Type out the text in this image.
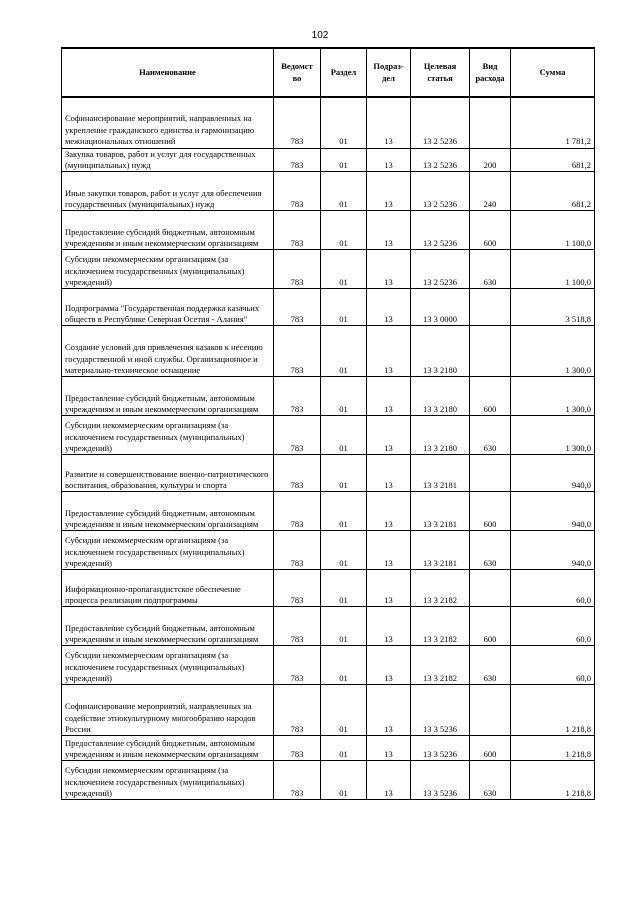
102
Наименование	Ведомст во	Раздел	Подраз- дел	Целевая статья	Вид расхода	Сумма
Софинансирование мероприятий, направленных на укрепление гражданского единства и гармонизацию межнациональных отношений	783	01	13	13 2 5236		1 781,2
Закупка товаров, работ и услуг для государственных (муниципальных) нужд	783	01	13	13 2 5236	200	681,2
Иные закупки товаров, работ и услуг для обеспечения государственных (муниципальных) нужд	783	01	13	13 2 5236	240	681,2
Предоставление субсидий бюджетным, автономным учреждениям и иным некоммерческим организациям	783	01	13	13 2 5236	600	1 100,0
Субсидии некоммерческим организациям (за исключением государственных (муниципальных) учреждений)	783	01	13	13 2 5236	630	1 100,0
Подпрограмма "Государственная поддержка казачьих обществ в Республике Северная Осетия - Алания"	783	01	13	13 3 0000		3 518,8
Создание условий для привлечения казаков к несению государственной и иной службы. Организационное и материально-техническое оснащение	783	01	13	13 3 2180		1 300,0
Предоставление субсидий бюджетным, автономным учреждениям и иным некоммерческим организациям	783	01	13	13 3 2180	600	1 300,0
Субсидии некоммерческим организациям (за исключением государственных (муниципальных) учреждений)	783	01	13	13 3 2180	630	1 300,0
Развитие и совершенствование военно-патриотического воспитания, образования, культуры и спорта	783	01	13	13 3 2181		940,0
Предоставление субсидий бюджетным, автономным учреждениям и иным некоммерческим организациям	783	01	13	13 3 2181	600	940,0
Субсидии некоммерческим организациям (за исключением государственных (муниципальных) учреждений)	783	01	13	13 3 2181	630	940,0
Информационно-пропагандистское обеспечение процесса реализации подпрограммы	783	01	13	13 3 2182		60,0
Предоставление субсидий бюджетным, автономным учреждениям и иным некоммерческим организациям	783	01	13	13 3 2182	600	60,0
Субсидии некоммерческим организациям (за исключением государственных (муниципальных) учреждений)	783	01	13	13 3 2182	630	60,0
Софинансирование мероприятий, направленных на содействие этнокультурному многообразию народов России	783	01	13	13 3 5236		1 218,8
Предоставление субсидий бюджетным, автономным учреждениям и иным некоммерческим организациям	783	01	13	13 3 5236	600	1 218,8
Субсидии некоммерческим организациям (за исключением государственных (муниципальных) учреждений)	783	01	13	13 3 5236	630	1 218,8
